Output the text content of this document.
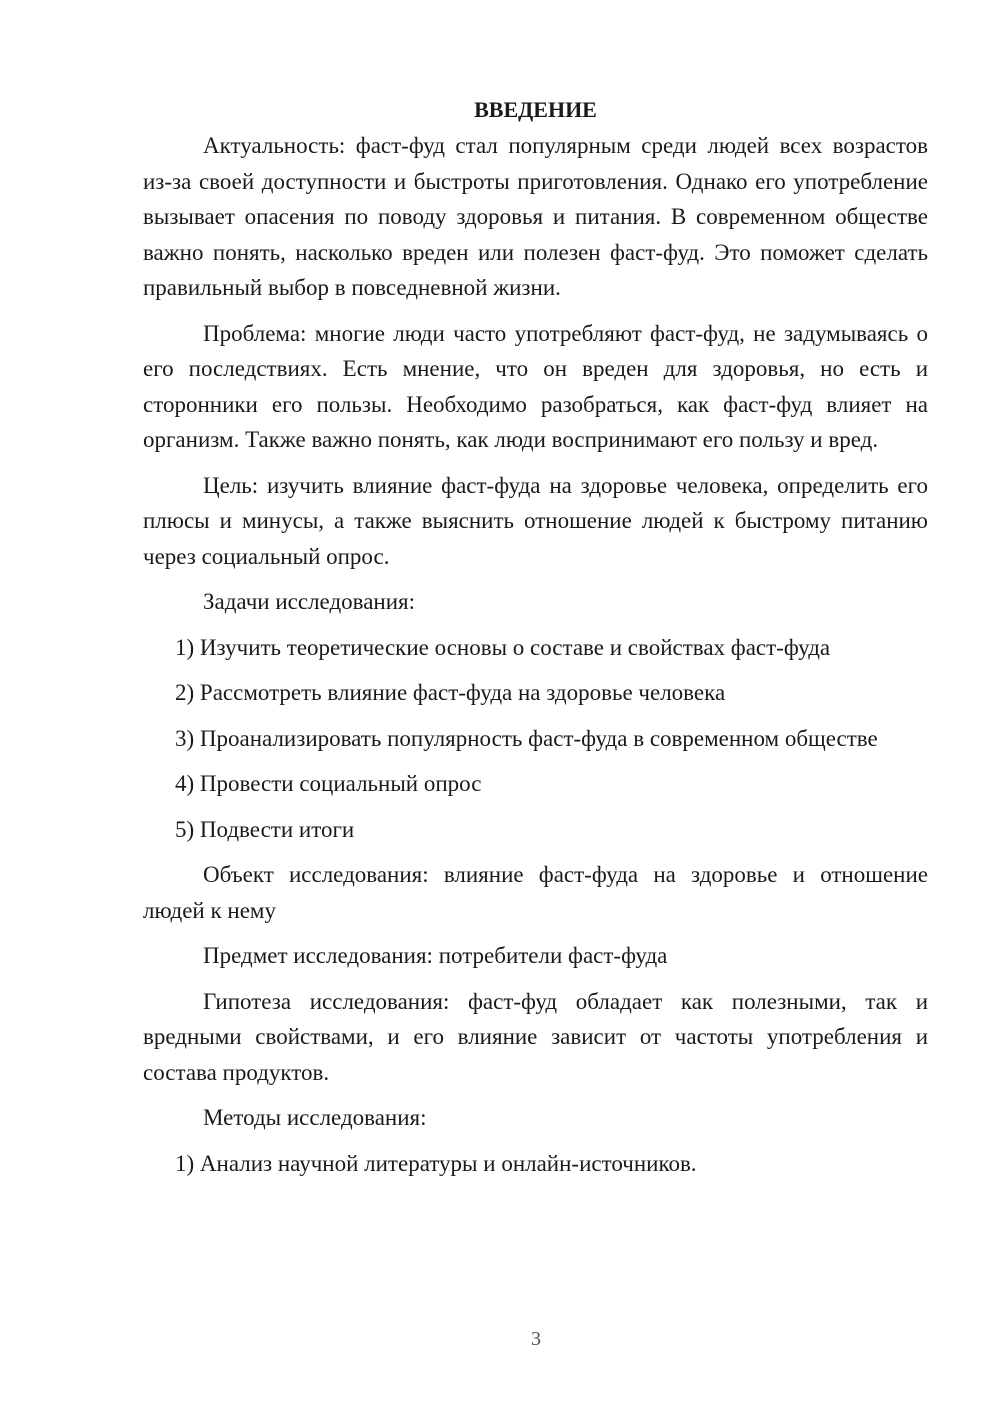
ВВЕДЕНИЕ

Актуальность: фаст-фуд стал популярным среди людей всех возрастов из-за своей доступности и быстроты приготовления. Однако его употребление вызывает опасения по поводу здоровья и питания. В современном обществе важно понять, насколько вреден или полезен фаст-фуд. Это поможет сделать правильный выбор в повседневной жизни.

Проблема: многие люди часто употребляют фаст-фуд, не задумываясь о его последствиях. Есть мнение, что он вреден для здоровья, но есть и сторонники его пользы. Необходимо разобраться, как фаст-фуд влияет на организм. Также важно понять, как люди воспринимают его пользу и вред.

Цель: изучить влияние фаст-фуда на здоровье человека, определить его плюсы и минусы, а также выяснить отношение людей к быстрому питанию через социальный опрос.

Задачи исследования:

1) Изучить теоретические основы о составе и свойствах фаст-фуда

2) Рассмотреть влияние фаст-фуда на здоровье человека

3) Проанализировать популярность фаст-фуда в современном обществе

4) Провести социальный опрос

5) Подвести итоги

Объект исследования: влияние фаст-фуда на здоровье и отношение людей к нему

Предмет исследования: потребители фаст-фуда

Гипотеза исследования: фаст-фуд обладает как полезными, так и вредными свойствами, и его влияние зависит от частоты употребления и состава продуктов.

Методы исследования:

1) Анализ научной литературы и онлайн-источников.

3
